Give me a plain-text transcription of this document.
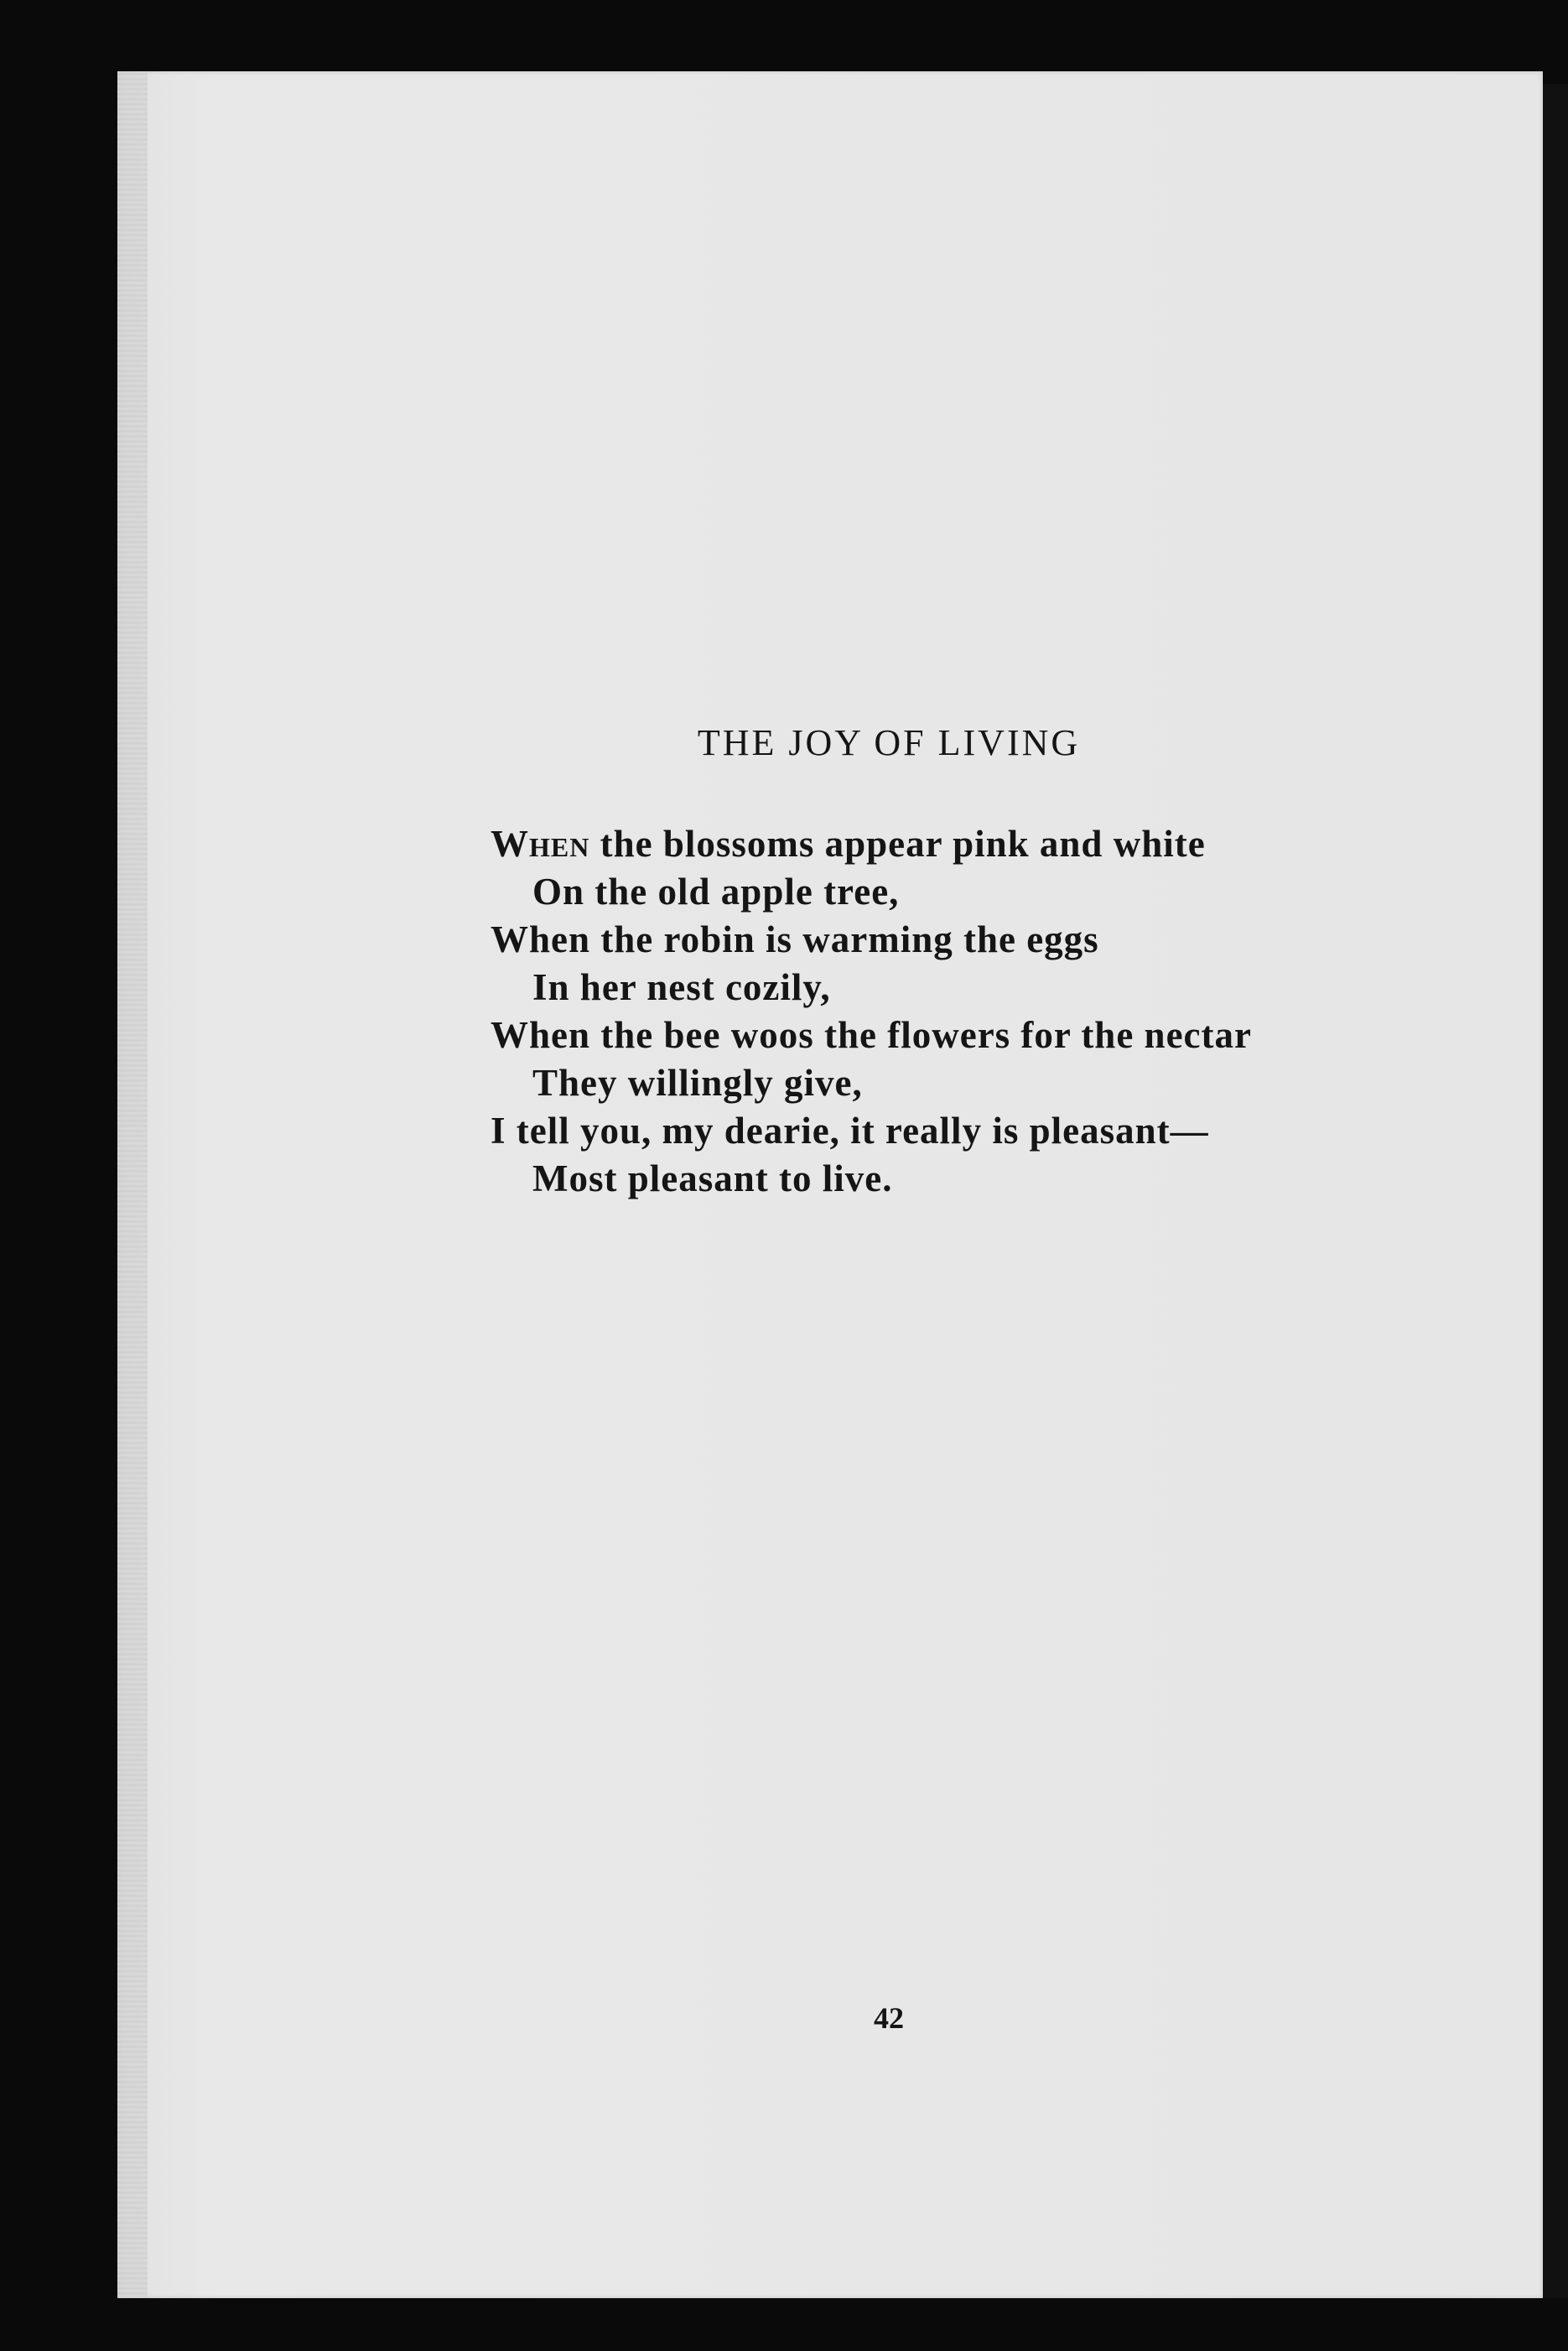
THE JOY OF LIVING
When the blossoms appear pink and white
On the old apple tree,
When the robin is warming the eggs
In her nest cozily,
When the bee woos the flowers for the nectar
They willingly give,
I tell you, my dearie, it really is pleasant—
Most pleasant to live.
42
